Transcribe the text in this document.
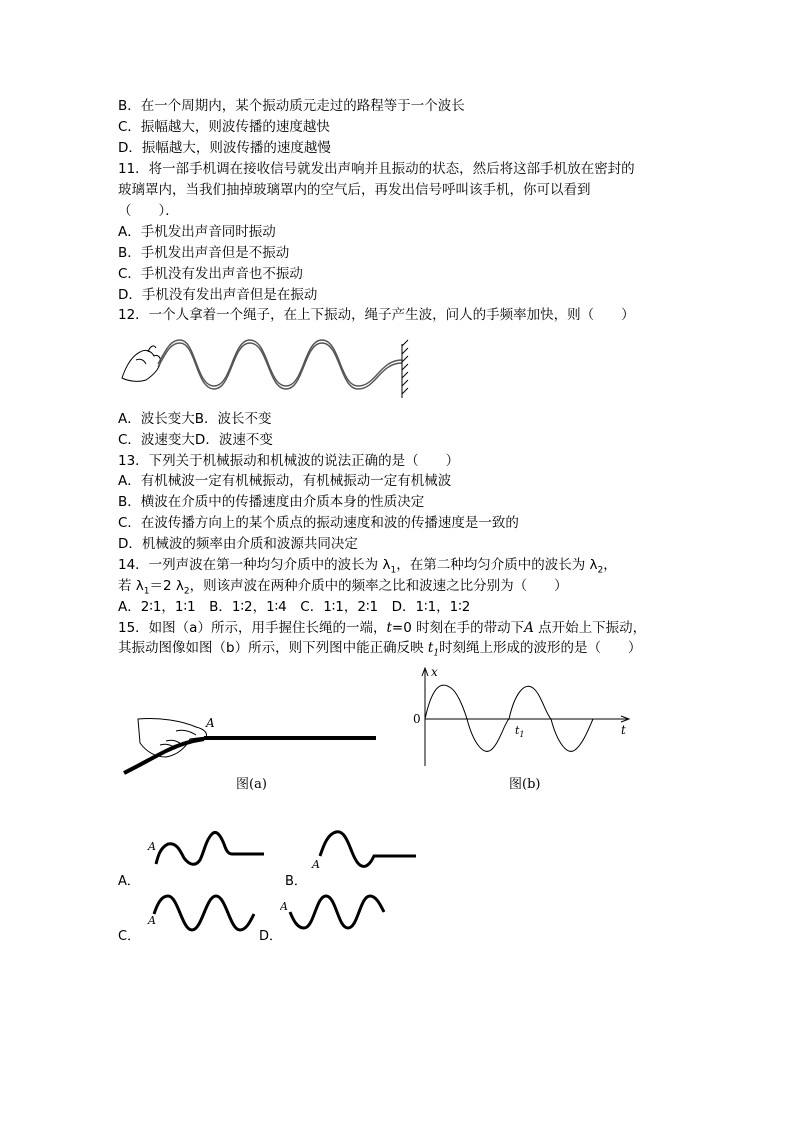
B．在一个周期内，某个振动质元走过的路程等于一个波长
C．振幅越大，则波传播的速度越快
D．振幅越大，则波传播的速度越慢
11．将一部手机调在接收信号就发出声响并且振动的状态，然后将这部手机放在密封的
玻璃罩内，当我们抽掉玻璃罩内的空气后，再发出信号呼叫该手机，你可以看到
（　　）．
A．手机发出声音同时振动
B．手机发出声音但是不振动
C．手机没有发出声音也不振动
D．手机没有发出声音但是在振动
12．一个人拿着一个绳子，在上下振动，绳子产生波，问人的手频率加快，则（　　）
A．波长变大B．波长不变
C．波速变大D．波速不变
13．下列关于机械振动和机械波的说法正确的是（　　）
A．有机械波一定有机械振动，有机械振动一定有机械波
B．横波在介质中的传播速度由介质本身的性质决定
C．在波传播方向上的某个质点的振动速度和波的传播速度是一致的
D．机械波的频率由介质和波源共同决定
14．一列声波在第一种均匀介质中的波长为 $\lambda_1$，在第二种均匀介质中的波长为 $\lambda_2$，
若 $\lambda_1=2$ $\lambda_2$，则该声波在两种介质中的频率之比和波速之比分别为（　　）
A．2∶1，1∶1　B．1∶2，1∶4　C．1∶1，2∶1　D．1∶1，1∶2
15．如图（a）所示，用手握住长绳的一端，t=0 时刻在手的带动下A 点开始上下振动，
其振动图像如图（b）所示，则下列图中能正确反映 $t_1$时刻绳上形成的波形的是（　　）
A
图(a)
x
t
0
$t_1$
图(b)
A．
A
B．
A
C．
A
D．
A
